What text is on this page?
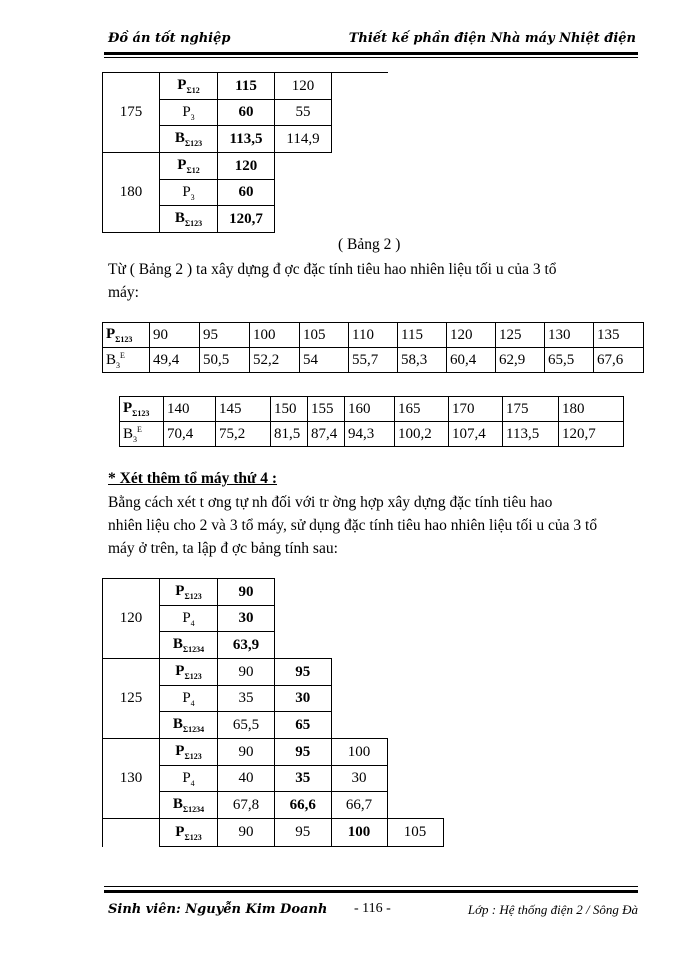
Đồ án tốt nghiệp	Thiết kế phần điện Nhà máy Nhiệt điện
175	$P_{\Sigma 12}$	115	120	
	$P_3$	60	55	
	$B_{\Sigma 123}$	113,5	114,9	
180	$P_{\Sigma 12}$	120		
	$P_3$	60		
	$B_{\Sigma 123}$	120,7		
( Bảng 2 )
Từ ( Bảng 2 ) ta xây dựng đ ợc đặc tính tiêu hao nhiên liệu tối u của 3 tổ
máy:
$P_{\Sigma 123}$	90	95	100	105	110	115	120	125	130	135
$B_3^E$	49,4	50,5	52,2	54	55,7	58,3	60,4	62,9	65,5	67,6
$P_{\Sigma 123}$	140	145	150	155	160	165	170	175	180
$B_3^E$	70,4	75,2	81,5	87,4	94,3	100,2	107,4	113,5	120,7
* Xét thêm tổ máy thứ 4 :
Bằng cách xét t ơng tự nh đối với tr ờng hợp xây dựng đặc tính tiêu hao
nhiên liệu cho 2 và 3 tổ máy, sử dụng đặc tính tiêu hao nhiên liệu tối u của 3 tổ
máy ở trên, ta lập đ ợc bảng tính sau:
120	$P_{\Sigma 123}$	90			
	$P_4$	30			
	$B_{\Sigma 1234}$	63,9			
125	$P_{\Sigma 123}$	90	95		
	$P_4$	35	30		
	$B_{\Sigma 1234}$	65,5	65		
130	$P_{\Sigma 123}$	90	95	100	
	$P_4$	40	35	30	
	$B_{\Sigma 1234}$	67,8	66,6	66,7	
	$P_{\Sigma 123}$	90	95	100	105
Sinh viên: Nguyễn Kim Doanh - 116 -	Lớp : Hệ thống điện 2 / Sông Đà
